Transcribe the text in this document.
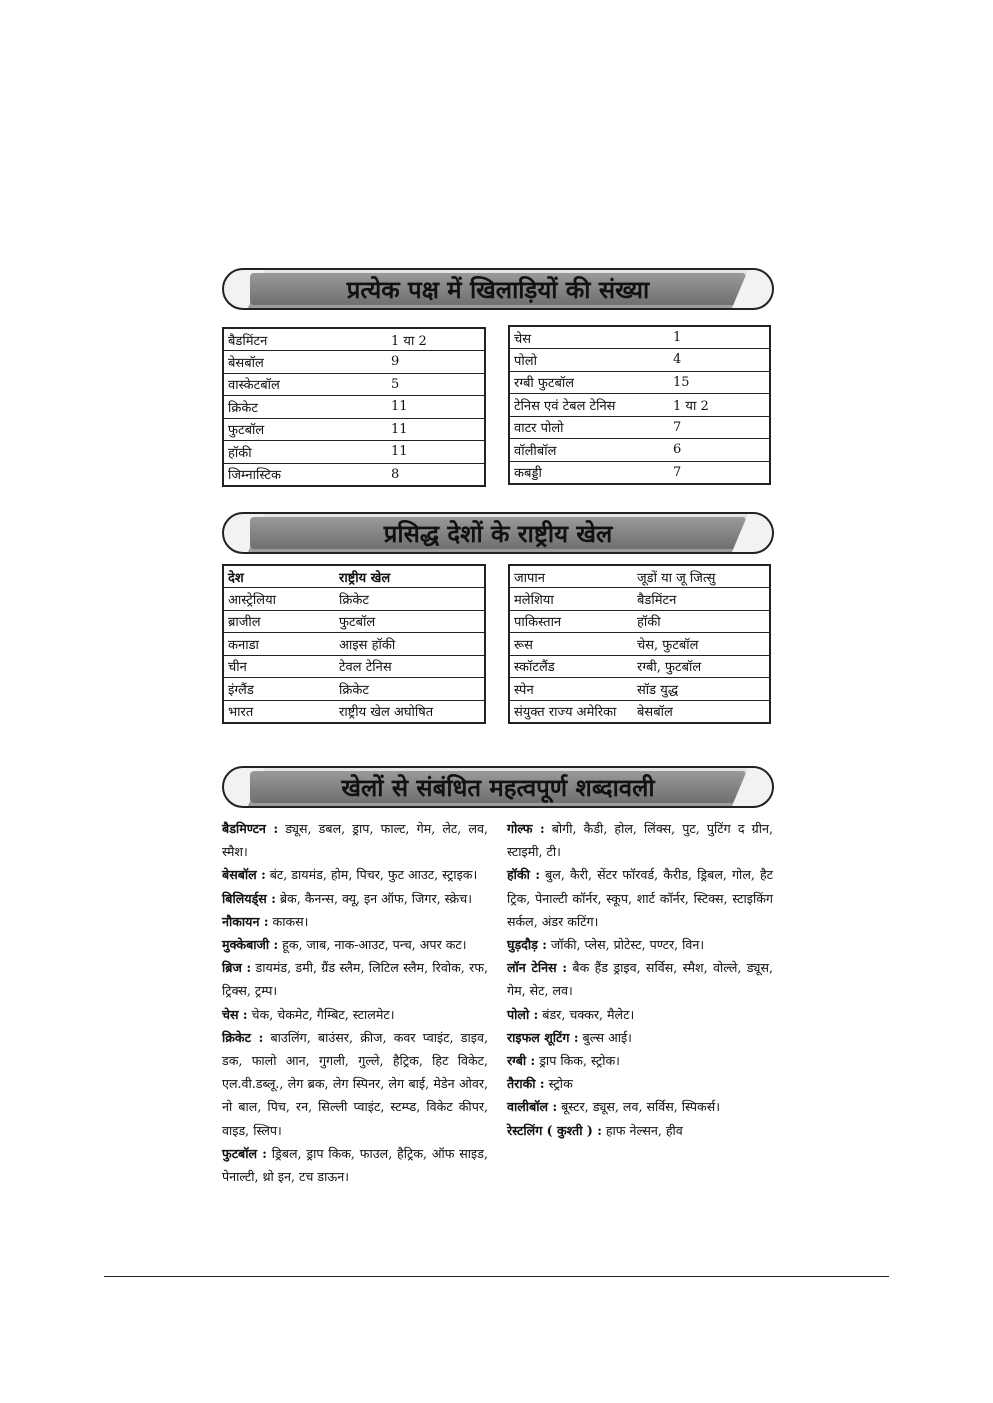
प्रत्येक पक्ष में खिलाड़ियों की संख्या
बैडमिंटन	1 या 2
बेसबॉल	9
वास्केटबॉल	5
क्रिकेट	11
फुटबॉल	11
हॉकी	11
जिम्नास्टिक	8
चेस	1
पोलो	4
रग्बी फुटबॉल	15
टेनिस एवं टेबल टेनिस	1 या 2
वाटर पोलो	7
वॉलीबॉल	6
कबड्डी	7
प्रसिद्ध देशों के राष्ट्रीय खेल
देश	राष्ट्रीय खेल
आस्ट्रेलिया	क्रिकेट
ब्राजील	फुटबॉल
कनाडा	आइस हॉकी
चीन	टेवल टेनिस
इंग्लैंड	क्रिकेट
भारत	राष्ट्रीय खेल अघोषित
जापान	जूडों या जू जित्सु
मलेशिया	बैडमिंटन
पाकिस्तान	हॉकी
रूस	चेस, फुटबॉल
स्कॉटलैंड	रग्बी, फुटबॉल
स्पेन	सॉड युद्ध
संयुक्त राज्य अमेरिका	बेसबॉल
खेलों से संबंधित महत्वपूर्ण शब्दावली

बैडमिण्टन : ड्यूस, डबल, ड्राप, फाल्ट, गेम, लेट, लव, स्मैश।

बेसबॉल : बंट, डायमंड, होम, पिचर, फुट आउट, स्ट्राइक।

बिलियर्ड्स : ब्रेक, कैनन्स, क्यू, इन ऑफ, जिगर, स्क्रेच।

नौकायन : काकस।

मुक्केबाजी : हूक, जाब, नाक-आउट, पन्च, अपर कट।

ब्रिज : डायमंड, डमी, ग्रैंड स्लैम, लिटिल स्लैम, रिवोक, रफ, ट्रिक्स, ट्रम्प।

चेस : चेक, चेकमेट, गैम्बिट, स्टालमेट।

क्रिकेट : बाउलिंग, बाउंसर, क्रीज, कवर प्वाइंट, डाइव, डक, फालो आन, गुगली, गुल्ले, हैट्रिक, हिट विकेट, एल.वी.डब्लू., लेग ब्रक, लेग स्पिनर, लेग बाई, मेडेन ओवर, नो बाल, पिच, रन, सिल्ली प्वाइंट, स्टम्प्ड, विकेट कीपर, वाइड, स्लिप।

फुटबॉल : ड्रिबल, ड्राप किक, फाउल, हैट्रिक, ऑफ साइड, पेनाल्टी, थ्रो इन, टच डाऊन।

गोल्फ : बोगी, कैडी, होल, लिंक्स, पुट, पुटिंग द ग्रीन, स्टाइमी, टी।

हॉकी : बुल, कैरी, सेंटर फॉरवर्ड, कैरीड, ड्रिबल, गोल, हैट ट्रिक, पेनाल्टी कॉर्नर, स्कूप, शार्ट कॉर्नर, स्टिक्स, स्टाइकिंग सर्कल, अंडर कटिंग।

घुड़दौड़ : जॉकी, प्लेस, प्रोटेस्ट, पण्टर, विन।

लॉन टेनिस : बैक हैंड ड्राइव, सर्विस, स्मैश, वोल्ले, ड्यूस, गेम, सेट, लव।

पोलो : बंडर, चक्कर, मैलेट।

राइफल शूटिंग : बुल्स आई।

रग्बी : ड्राप किक, स्ट्रोक।

तैराकी : स्ट्रोक

वालीबॉल : बूस्टर, ड्यूस, लव, सर्विस, स्पिकर्स।

रेस्टलिंग ( कुश्ती ) : हाफ नेल्सन, हीव
